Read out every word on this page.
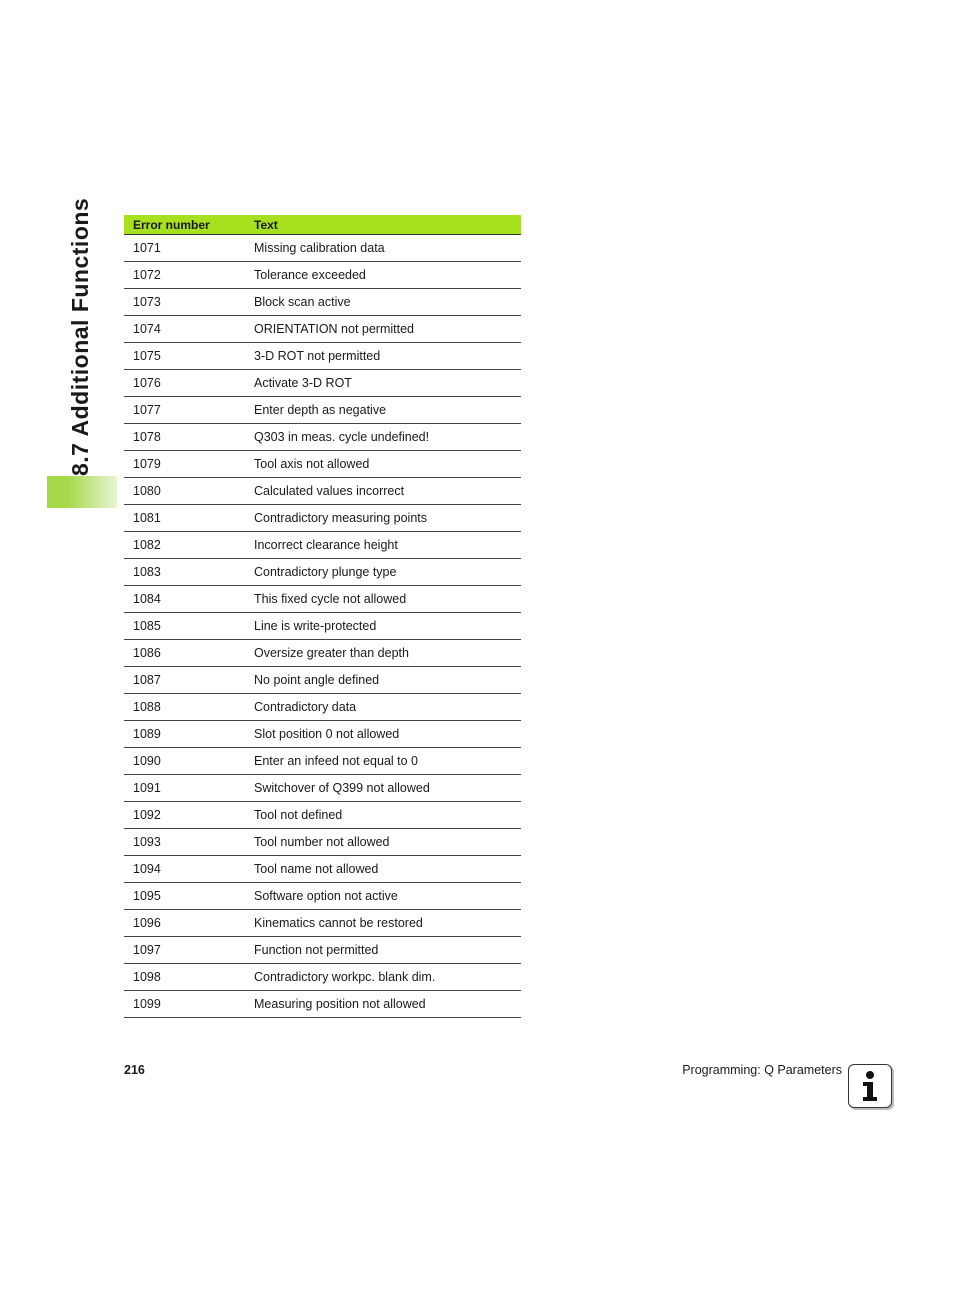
8.7 Additional Functions	Error number	Text
1071	Missing calibration data
1072	Tolerance exceeded
1073	Block scan active
1074	ORIENTATION not permitted
1075	3-D ROT not permitted
1076	Activate 3-D ROT
1077	Enter depth as negative
1078	Q303 in meas. cycle undefined!
1079	Tool axis not allowed
1080	Calculated values incorrect
1081	Contradictory measuring points
1082	Incorrect clearance height
1083	Contradictory plunge type
1084	This fixed cycle not allowed
1085	Line is write-protected
1086	Oversize greater than depth
1087	No point angle defined
1088	Contradictory data
1089	Slot position 0 not allowed
1090	Enter an infeed not equal to 0
1091	Switchover of Q399 not allowed
1092	Tool not defined
1093	Tool number not allowed
1094	Tool name not allowed
1095	Software option not active
1096	Kinematics cannot be restored
1097	Function not permitted
1098	Contradictory workpc. blank dim.
1099	Measuring position not allowed
216	Programming: Q Parameters
